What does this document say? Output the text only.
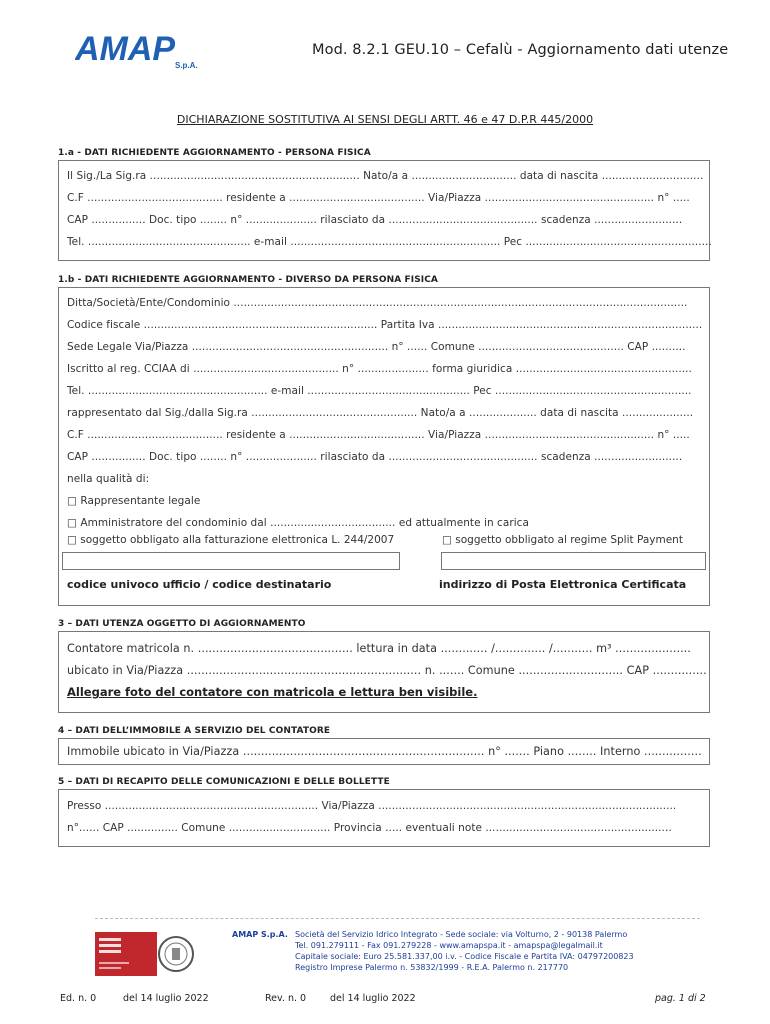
AMAP S.p.A.
Mod. 8.2.1 GEU.10 – Cefalù - Aggiornamento dati utenze
DICHIARAZIONE SOSTITUTIVA AI SENSI DEGLI ARTT. 46 e 47 D.P.R 445/2000
1.a - DATI RICHIEDENTE AGGIORNAMENTO - PERSONA FISICA
Il Sig./La Sig.ra .............................................................. Nato/a a ............................... data di nascita ..............................
C.F ........................................ residente a ........................................ Via/Piazza .................................................. n° .....
CAP ................ Doc. tipo ........ n° ..................... rilasciato da ............................................ scadenza ..........................
Tel. ................................................ e-mail .............................................................. Pec .......................................................
1.b - DATI RICHIEDENTE AGGIORNAMENTO - DIVERSO DA PERSONA FISICA
Ditta/Società/Ente/Condominio ......................................................................................................................................
Codice fiscale ..................................................................... Partita Iva ..............................................................................
Sede Legale Via/Piazza .......................................................... n° ...... Comune ........................................... CAP ..........
Iscritto al reg. CCIAA di ........................................... n° ..................... forma giuridica ....................................................
Tel. ..................................................... e-mail ................................................ Pec ..........................................................
rappresentato dal Sig./dalla Sig.ra ................................................. Nato/a a .................... data di nascita .....................
C.F ........................................ residente a ........................................ Via/Piazza .................................................. n° .....
CAP ................ Doc. tipo ........ n° ..................... rilasciato da ............................................ scadenza ..........................
nella qualità di:
□ Rappresentante legale
□ Amministratore del condominio dal ..................................... ed attualmente in carica
□ soggetto obbligato alla fatturazione elettronica L. 244/2007	□ soggetto obbligato al regime Split Payment
codice univoco ufficio / codice destinatario	indirizzo di Posta Elettronica Certificata
3 – DATI UTENZA OGGETTO DI AGGIORNAMENTO
Contatore matricola n. ........................................... lettura in data ............. /.............. /........... m³ .....................
ubicato in Via/Piazza ................................................................. n. ....... Comune ............................. CAP ...............
Allegare foto del contatore con matricola e lettura ben visibile.
4 – DATI DELL’IMMOBILE A SERVIZIO DEL CONTATORE
Immobile ubicato in Via/Piazza ................................................................... n° ....... Piano ........ Interno ................
5 – DATI DI RECAPITO DELLE COMUNICAZIONI E DELLE BOLLETTE
Presso ............................................................... Via/Piazza ........................................................................................
n°...... CAP ............... Comune .............................. Provincia ..... eventuali note .......................................................
AMAP S.p.A. Società del Servizio Idrico Integrato - Sede sociale: via Volturno, 2 - 90138 Palermo
Tel. 091.279111 - Fax 091.279228 - www.amapspa.it - amapspa@legalmail.it
Capitale sociale: Euro 25.581.337,00 i.v. - Codice Fiscale e Partita IVA: 04797200823
Registro Imprese Palermo n. 53832/1999 - R.E.A. Palermo n. 217770
Ed. n. 0	del 14 luglio 2022	Rev. n. 0	del 14 luglio 2022	pag. 1 di 2
